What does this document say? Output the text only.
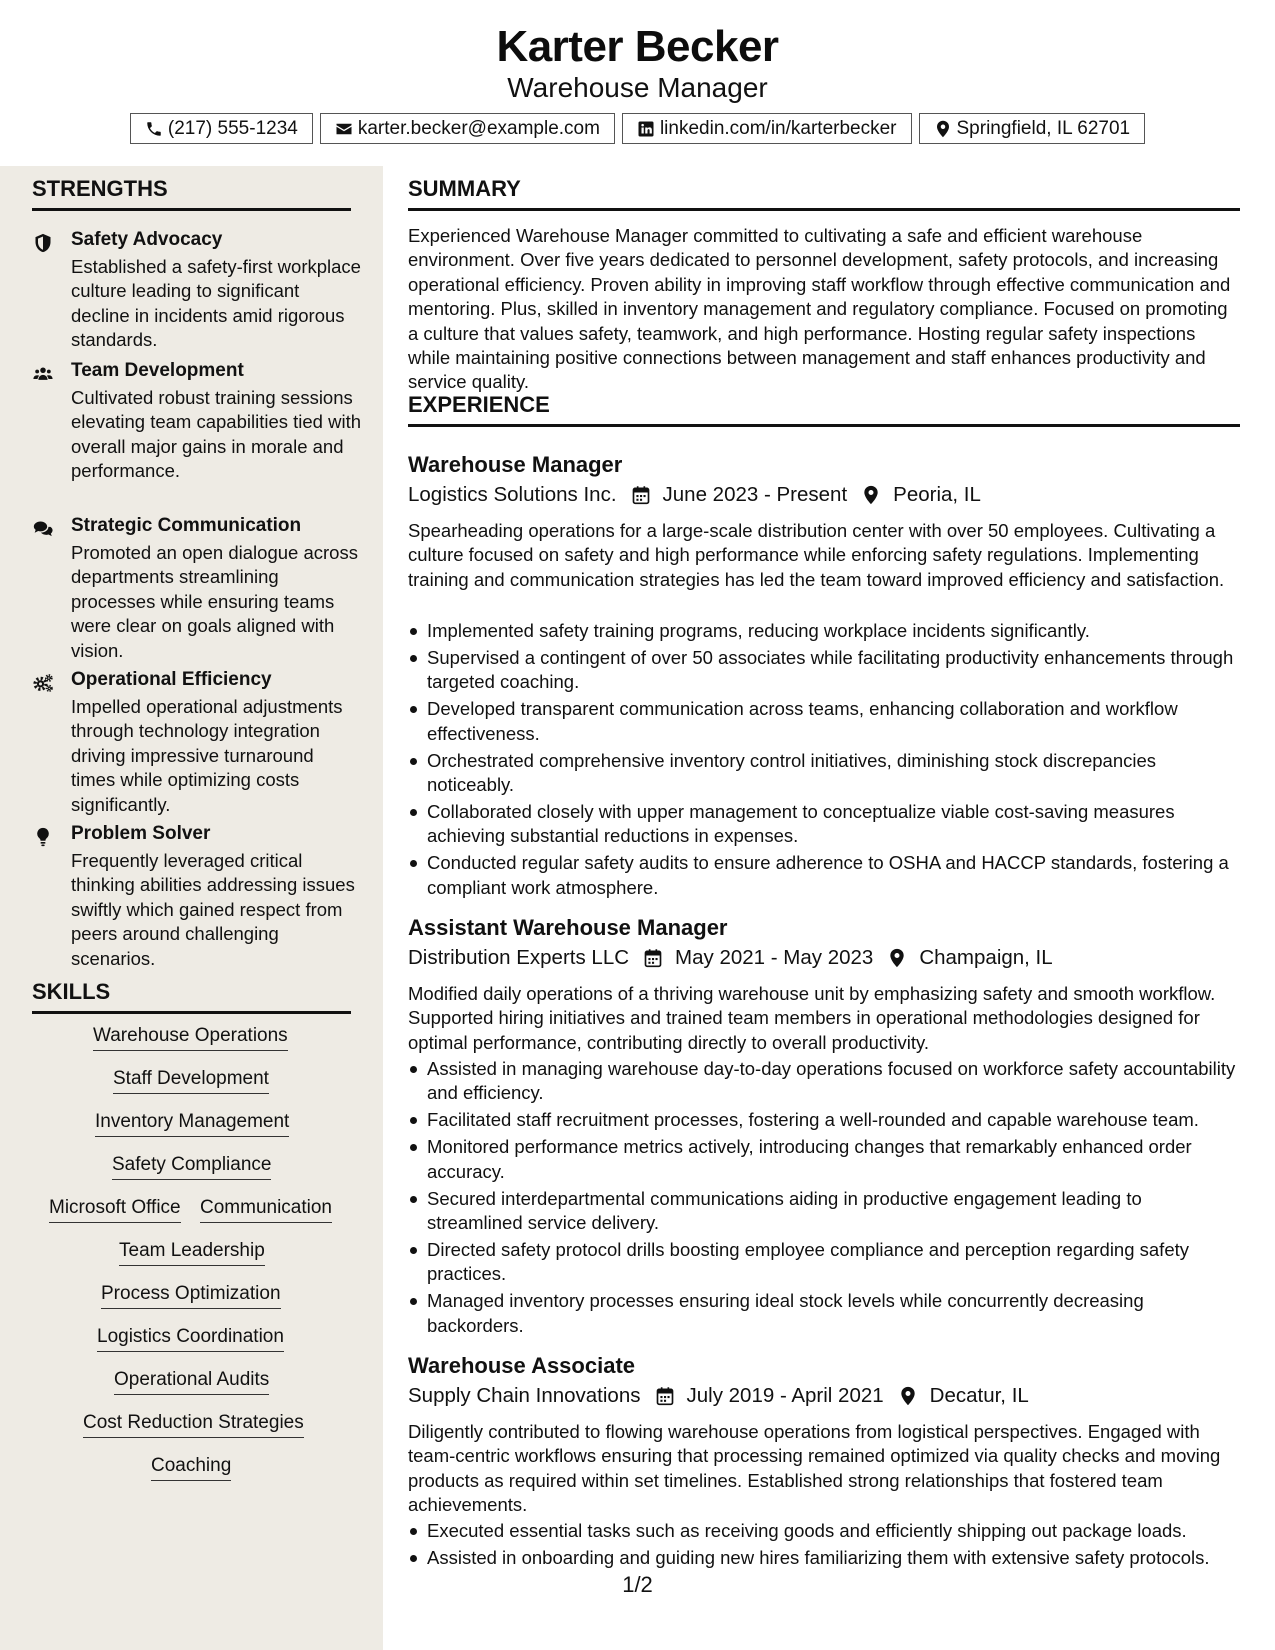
Karter Becker
Warehouse Manager
(217) 555-1234	karter.becker@example.com	linkedin.com/in/karterbecker	Springfield, IL 62701
STRENGTHS
Safety Advocacy
Established a safety-first workplace culture leading to significant decline in incidents amid rigorous standards.
Team Development
Cultivated robust training sessions elevating team capabilities tied with overall major gains in morale and performance.
Strategic Communication
Promoted an open dialogue across departments streamlining processes while ensuring teams were clear on goals aligned with vision.
Operational Efficiency
Impelled operational adjustments through technology integration driving impressive turnaround times while optimizing costs significantly.
Problem Solver
Frequently leveraged critical thinking abilities addressing issues swiftly which gained respect from peers around challenging scenarios.
SKILLS
Warehouse Operations
Staff Development
Inventory Management
Safety Compliance
Microsoft Office Communication
Team Leadership
Process Optimization
Logistics Coordination
Operational Audits
Cost Reduction Strategies
Coaching
SUMMARY
Experienced Warehouse Manager committed to cultivating a safe and efficient warehouse environment. Over five years dedicated to personnel development, safety protocols, and increasing operational efficiency. Proven ability in improving staff workflow through effective communication and mentoring. Plus, skilled in inventory management and regulatory compliance. Focused on promoting a culture that values safety, teamwork, and high performance. Hosting regular safety inspections while maintaining positive connections between management and staff enhances productivity and service quality.
EXPERIENCE
Warehouse Manager
Logistics Solutions Inc. June 2023 - Present Peoria, IL
Spearheading operations for a large-scale distribution center with over 50 employees. Cultivating a culture focused on safety and high performance while enforcing safety regulations. Implementing training and communication strategies has led the team toward improved efficiency and satisfaction.
Implemented safety training programs, reducing workplace incidents significantly.
Supervised a contingent of over 50 associates while facilitating productivity enhancements through targeted coaching.
Developed transparent communication across teams, enhancing collaboration and workflow effectiveness.
Orchestrated comprehensive inventory control initiatives, diminishing stock discrepancies noticeably.
Collaborated closely with upper management to conceptualize viable cost-saving measures achieving substantial reductions in expenses.
Conducted regular safety audits to ensure adherence to OSHA and HACCP standards, fostering a compliant work atmosphere.
Assistant Warehouse Manager
Distribution Experts LLC May 2021 - May 2023 Champaign, IL
Modified daily operations of a thriving warehouse unit by emphasizing safety and smooth workflow. Supported hiring initiatives and trained team members in operational methodologies designed for optimal performance, contributing directly to overall productivity.
Assisted in managing warehouse day-to-day operations focused on workforce safety accountability and efficiency.
Facilitated staff recruitment processes, fostering a well-rounded and capable warehouse team.
Monitored performance metrics actively, introducing changes that remarkably enhanced order accuracy.
Secured interdepartmental communications aiding in productive engagement leading to streamlined service delivery.
Directed safety protocol drills boosting employee compliance and perception regarding safety practices.
Managed inventory processes ensuring ideal stock levels while concurrently decreasing backorders.
Warehouse Associate
Supply Chain Innovations July 2019 - April 2021 Decatur, IL
Diligently contributed to flowing warehouse operations from logistical perspectives. Engaged with team-centric workflows ensuring that processing remained optimized via quality checks and moving products as required within set timelines. Established strong relationships that fostered team achievements.
Executed essential tasks such as receiving goods and efficiently shipping out package loads.
Assisted in onboarding and guiding new hires familiarizing them with extensive safety protocols.
1/2
